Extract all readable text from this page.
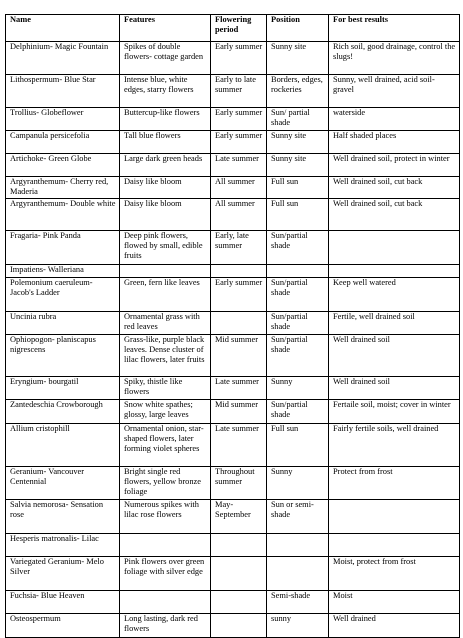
Name	Features	Flowering period	Position	For best results
Delphinium- Magic Fountain	Spikes of double flowers- cottage garden	Early summer	Sunny site	Rich soil, good drainage, control the slugs!
Lithospermum- Blue Star	Intense blue, white edges, starry flowers	Early to late summer	Borders, edges, rockeries	Sunny, well drained, acid soil- gravel
Trollius- Globeflower	Buttercup-like flowers	Early summer	Sun/ partial shade	waterside
Campanula persicefolia	Tall blue flowers	Early summer	Sunny site	Half shaded places
Artichoke- Green Globe	Large dark green heads	Late summer	Sunny site	Well drained soil, protect in winter
Argyranthemum- Cherry red, Maderia	Daisy like bloom	All summer	Full sun	Well drained soil, cut back
Argyranthemum- Double white	Daisy like bloom	All summer	Full sun	Well drained soil, cut back
Fragaria- Pink Panda	Deep pink flowers, flowed by small, edible fruits	Early, late summer	Sun/partial shade	
Impatiens- Walleriana				
Polemonium caeruleum- Jacob's Ladder	Green, fern like leaves	Early summer	Sun/partial shade	Keep well watered
Uncinia rubra	Ornamental grass with red leaves		Sun/partial shade	Fertile, well drained soil
Ophiopogon- planiscapus nigrescens	Grass-like, purple black leaves. Dense cluster of lilac flowers, later fruits	Mid summer	Sun/partial shade	Well drained soil
Eryngium- bourgatil	Spiky, thistle like flowers	Late summer	Sunny	Well drained soil
Zantedeschia Crowborough	Snow white spathes; glossy, large leaves	Mid summer	Sun/partial shade	Fertaile soil, moist; cover in winter
Allium cristophill	Ornamental onion, star-shaped flowers, later forming violet spheres	Late summer	Full sun	Fairly fertile soils, well drained
Geranium- Vancouver Centennial	Bright single red flowers, yellow bronze foliage	Throughout summer	Sunny	Protect from frost
Salvia nemorosa- Sensation rose	Numerous spikes with lilac rose flowers	May- September	Sun or semi-shade	
Hesperis matronalis- Lilac				
Variegated Geranium- Melo Silver	Pink flowers over green foliage with silver edge			Moist, protect from frost
Fuchsia- Blue Heaven			Semi-shade	Moist
Osteospermum	Long lasting, dark red flowers		sunny	Well drained
